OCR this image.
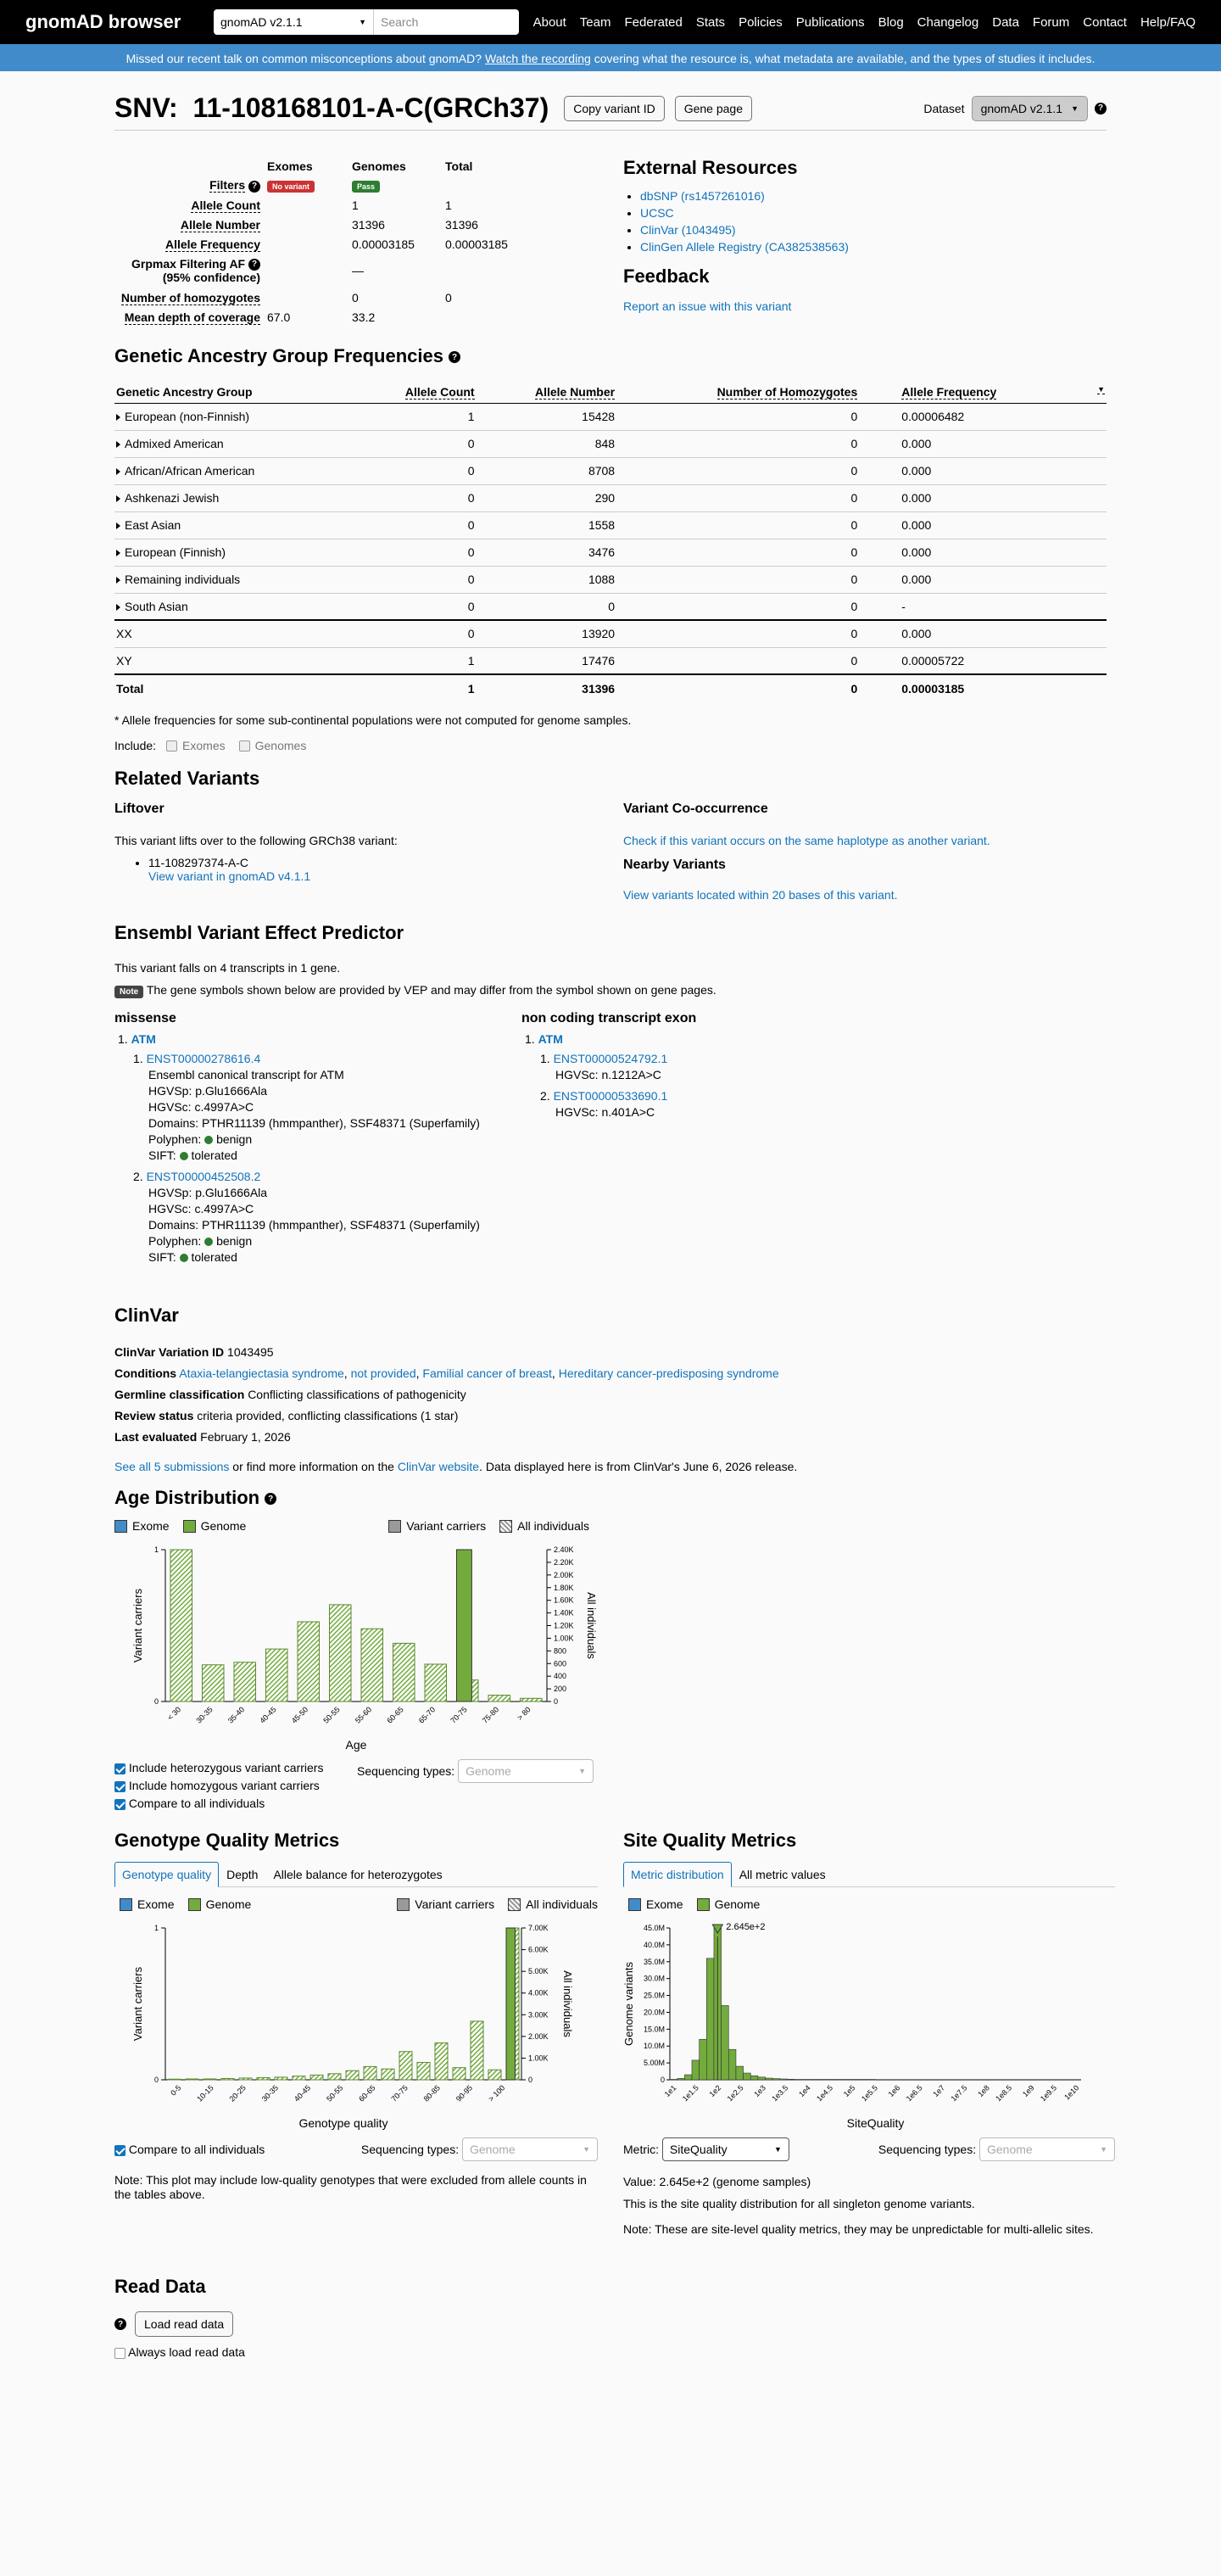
gnomAD browser	gnomAD v2.1.1	▼	Search	About Team Federated Stats Policies Publications Blog Changelog Data Forum Contact Help/FAQ
Missed our recent talk on common misconceptions about gnomAD? Watch the recording covering what the resource is, what metadata are available, and the types of studies it includes.
SNV:  11-108168101-A-C(GRCh37)	Copy variant ID	Gene page	Dataset gnomAD v2.1.1 ▼	?
	Exomes	Genomes	Total
Filters ?	No variant	Pass	
Allele Count		1	1
Allele Number		31396	31396
Allele Frequency		0.00003185	0.00003185

Grpmax Filtering AF ?
(95% confidence)		—	
Number of homozygotes		0	0
Mean depth of coverage	67.0	33.2	
External Resources
• dbSNP (rs1457261016)
• UCSC
• ClinVar (1043495)
• ClinGen Allele Registry (CA382538563)
Feedback
Report an issue with this variant
Genetic Ancestry Group Frequencies ?
Genetic Ancestry Group	Allele Count	Allele Number	Number of Homozygotes	Allele Frequency ▼

European (non-Finnish)	1	15428	0	0.00006482
Admixed American	0	848	0	0.000
African/African American	0	8708	0	0.000
Ashkenazi Jewish	0	290	0	0.000
East Asian	0	1558	0	0.000
European (Finnish)	0	3476	0	0.000
Remaining individuals	0	1088	0	0.000
South Asian	0	0	0	-
XX	0	13920	0	0.000
XY	1	17476	0	0.00005722
Total	1	31396	0	0.00003185
* Allele frequencies for some sub-continental populations were not computed for genome samples.
Include: Exomes	Genomes
Related Variants
Liftover
This variant lifts over to the following GRCh38 variant:
• 11-108297374-A-C
View variant in gnomAD v4.1.1
Variant Co-occurrence
Check if this variant occurs on the same haplotype as another variant.
Nearby Variants
View variants located within 20 bases of this variant.
Ensembl Variant Effect Predictor
This variant falls on 4 transcripts in 1 gene.
Note The gene symbols shown below are provided by VEP and may differ from the symbol shown on gene pages.
missense
1. ATM
1. ENST00000278616.4
Ensembl canonical transcript for ATM
HGVSp: p.Glu1666Ala
HGVSc: c.4997A>C
Domains: PTHR11139 (hmmpanther), SSF48371 (Superfamily)
Polyphen: benign
SIFT: tolerated
2. ENST00000452508.2
HGVSp: p.Glu1666Ala
HGVSc: c.4997A>C
Domains: PTHR11139 (hmmpanther), SSF48371 (Superfamily)
Polyphen: benign
SIFT: tolerated
non coding transcript exon
1. ATM
1. ENST00000524792.1
HGVSc: n.1212A>C
2. ENST00000533690.1
HGVSc: n.401A>C
ClinVar
ClinVar Variation ID 1043495
Conditions Ataxia-telangiectasia syndrome, not provided, Familial cancer of breast, Hereditary cancer-predisposing syndrome
Germline classification Conflicting classifications of pathogenicity
Review status criteria provided, conflicting classifications (1 star)
Last evaluated February 1, 2026
See all 5 submissions or find more information on the ClinVar website. Data displayed here is from ClinVar's June 6, 2026 release.
Age Distribution ?
Exome	Genome	Variant carriers	All individuals
0
1
Variant carriers
0
200
400
600
800
1.00K
1.20K
1.40K
1.60K
1.80K
2.00K
2.20K
2.40K
All individuals
< 30 30-35 35-40 40-45 45-50 50-55 55-60 60-65 65-70 70-75 75-80 > 80
Age
Include heterozygous variant carriers
Include homozygous variant carriers
Compare to all individuals
Sequencing types: Genome	▼
Genotype Quality Metrics
Genotype quality	Depth	Allele balance for heterozygotes
Exome	Genome	Variant carriers	All individuals
0
1
Variant carriers
0
1.00K
2.00K
3.00K
4.00K
5.00K
6.00K
7.00K
All individuals
0-5 10-15 20-25 30-35 40-45 50-55 60-65 70-75 80-85 90-95 > 100
Genotype quality
Compare to all individuals	Sequencing types: Genome	▼
Note: This plot may include low-quality genotypes that were excluded from allele counts in the tables above.
Site Quality Metrics
Metric distribution	All metric values
Exome	Genome
0
5.00M
10.0M
15.0M
20.0M
25.0M
30.0M
35.0M
40.0M
45.0M
Genome variants
2.645e+2
1e1 1e1.5 1e2 1e2.5 1e3 1e3.5 1e4 1e4.5 1e5 1e5.5 1e6 1e6.5 1e7 1e7.5 1e8 1e8.5 1e9 1e9.5 1e10
SiteQuality
Metric: SiteQuality	▼	Sequencing types: Genome	▼
Value: 2.645e+2 (genome samples)
This is the site quality distribution for all singleton genome variants.
Note: These are site-level quality metrics, they may be unpredictable for multi-allelic sites.
Read Data
?	Load read data
Always load read data
